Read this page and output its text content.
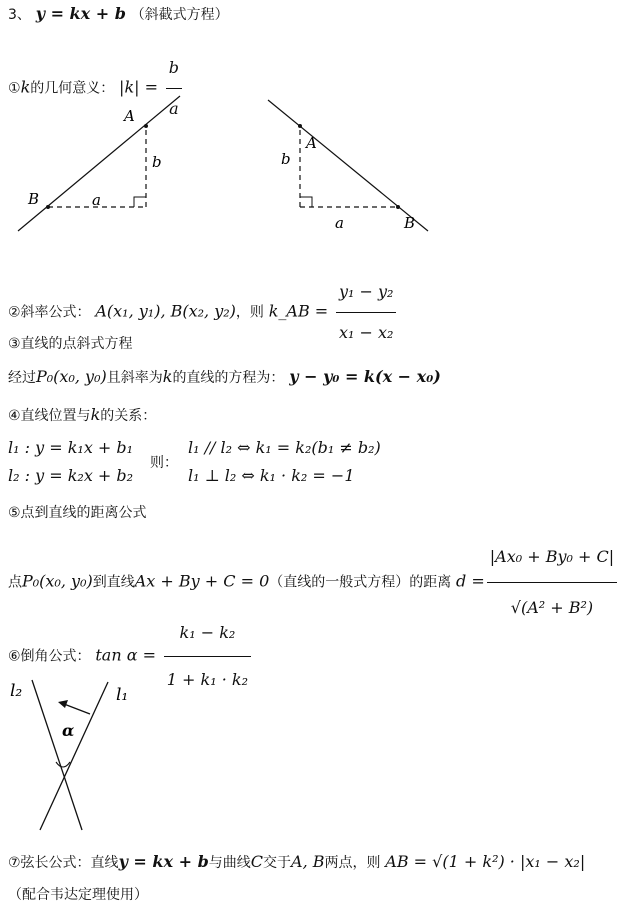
3、 y = kx + b （斜截式方程）
①k的几何意义： $|k| = \frac{b}{a}$
A
B	a
b
A
B
a
b
②斜率公式： A(x₁, y₁), B(x₂, y₂)，则 k_AB = $\frac{\text{y₁ − y₂}}{\text{x₁ − x₂}}$
③直线的点斜式方程
经过P₀(x₀, y₀)且斜率为k的直线的方程为： y − y₀ = k(x − x₀)
④直线位置与k的关系：
l₁ : y = k₁x + b₁
l₂ : y = k₂x + b₂
则：
l₁ // l₂ ⇔ k₁ = k₂(b₁ ≠ b₂)
l₁ ⊥ l₂ ⇔ k₁ · k₂ = −1
⑤点到直线的距离公式
点P₀(x₀, y₀)到直线Ax + By + C = 0（直线的一般式方程）的距离 $d = \frac{\text{|Ax₀ + By₀ + C|}}{\text{√(A² + B²)}}$
⑥倒角公式： $\tan \alpha = \frac{\text{k₁ − k₂}}{\text{1 + k₁ · k₂}}$
l₂	l₁
α
⑦弦长公式：直线y = kx + b与曲线C交于A, B两点，则 AB = √(1 + k²) · |x₁ − x₂|
（配合韦达定理使用）
